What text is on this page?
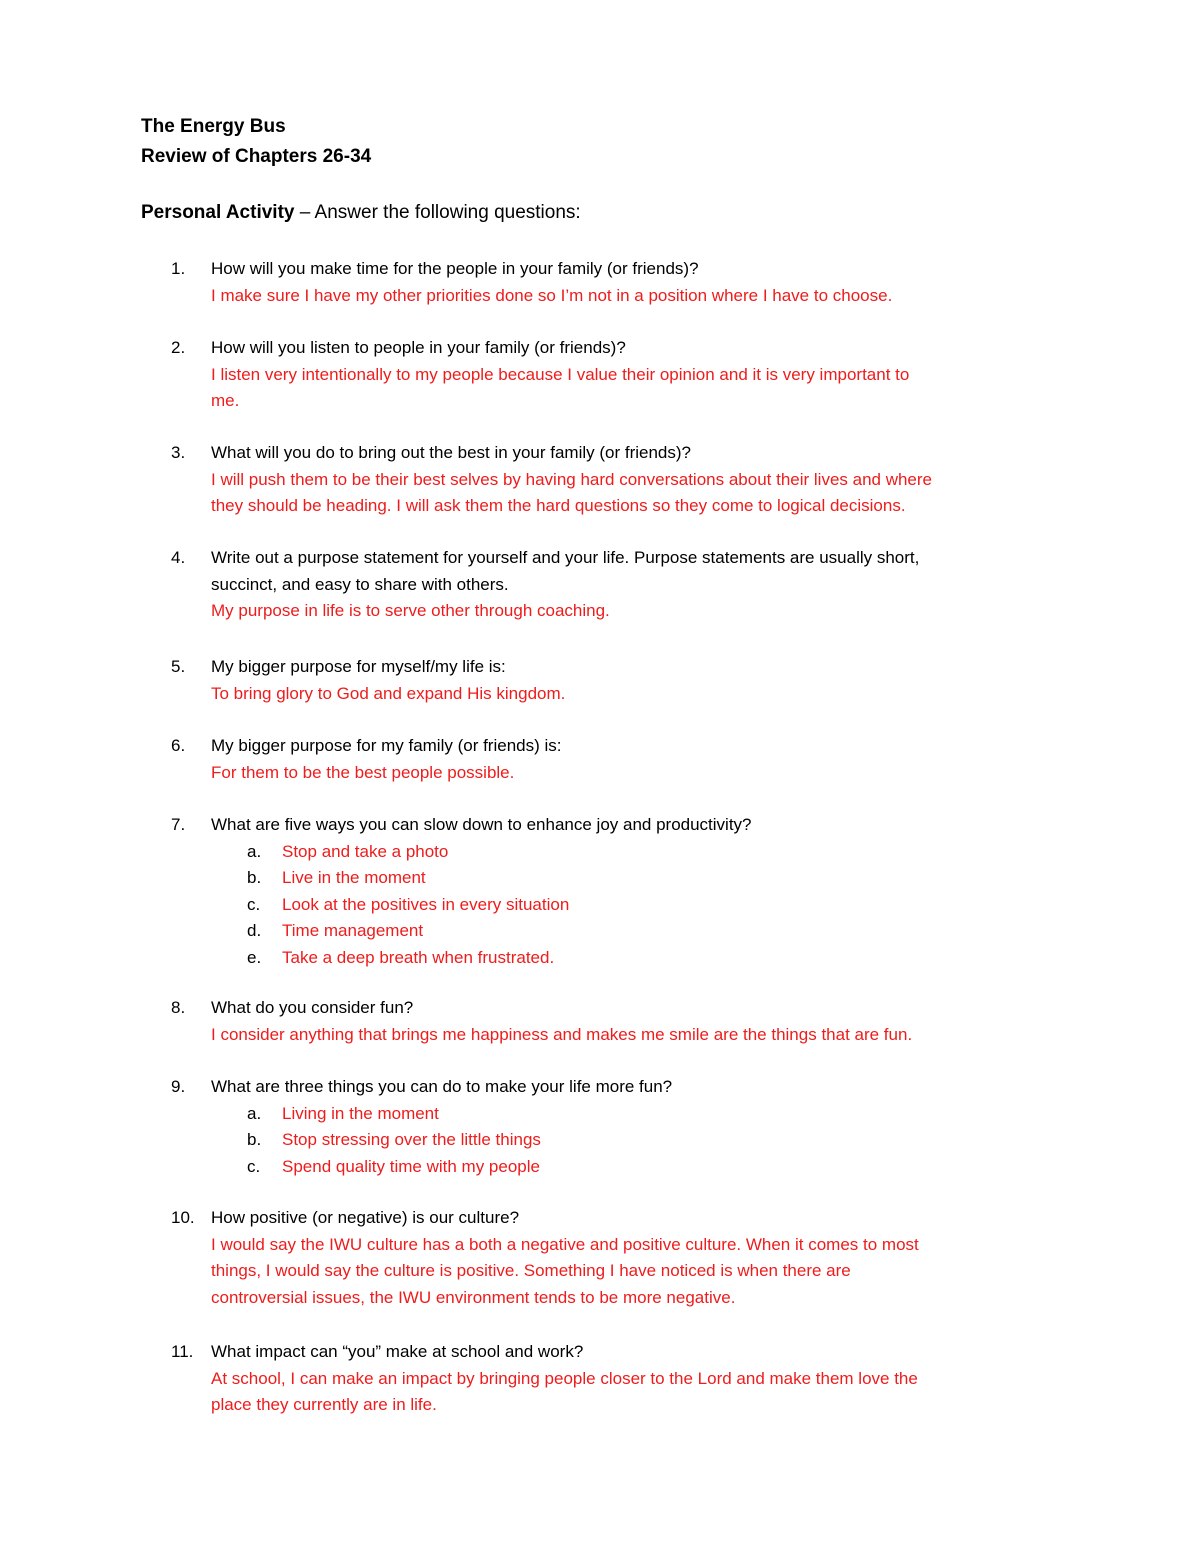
The Energy Bus
Review of Chapters 26-34
Personal Activity – Answer the following questions:
1.	How will you make time for the people in your family (or friends)?
I make sure I have my other priorities done so I’m not in a position where I have to choose.
2.	How will you listen to people in your family (or friends)?
I listen very intentionally to my people because I value their opinion and it is very important to
me.
3.	What will you do to bring out the best in your family (or friends)?
I will push them to be their best selves by having hard conversations about their lives and where
they should be heading. I will ask them the hard questions so they come to logical decisions.
4.	Write out a purpose statement for yourself and your life. Purpose statements are usually short,
succinct, and easy to share with others.
My purpose in life is to serve other through coaching.
5.	My bigger purpose for myself/my life is:
To bring glory to God and expand His kingdom.
6.	My bigger purpose for my family (or friends) is:
For them to be the best people possible.
7.	What are five ways you can slow down to enhance joy and productivity?
a. Stop and take a photo
b. Live in the moment
c. Look at the positives in every situation
d. Time management
e. Take a deep breath when frustrated.
8.	What do you consider fun?
I consider anything that brings me happiness and makes me smile are the things that are fun.
9.	What are three things you can do to make your life more fun?
a. Living in the moment
b. Stop stressing over the little things
c. Spend quality time with my people
10. How positive (or negative) is our culture?
I would say the IWU culture has a both a negative and positive culture. When it comes to most
things, I would say the culture is positive. Something I have noticed is when there are
controversial issues, the IWU environment tends to be more negative.
11.	What impact can “you” make at school and work?
At school, I can make an impact by bringing people closer to the Lord and make them love the
place they currently are in life.
